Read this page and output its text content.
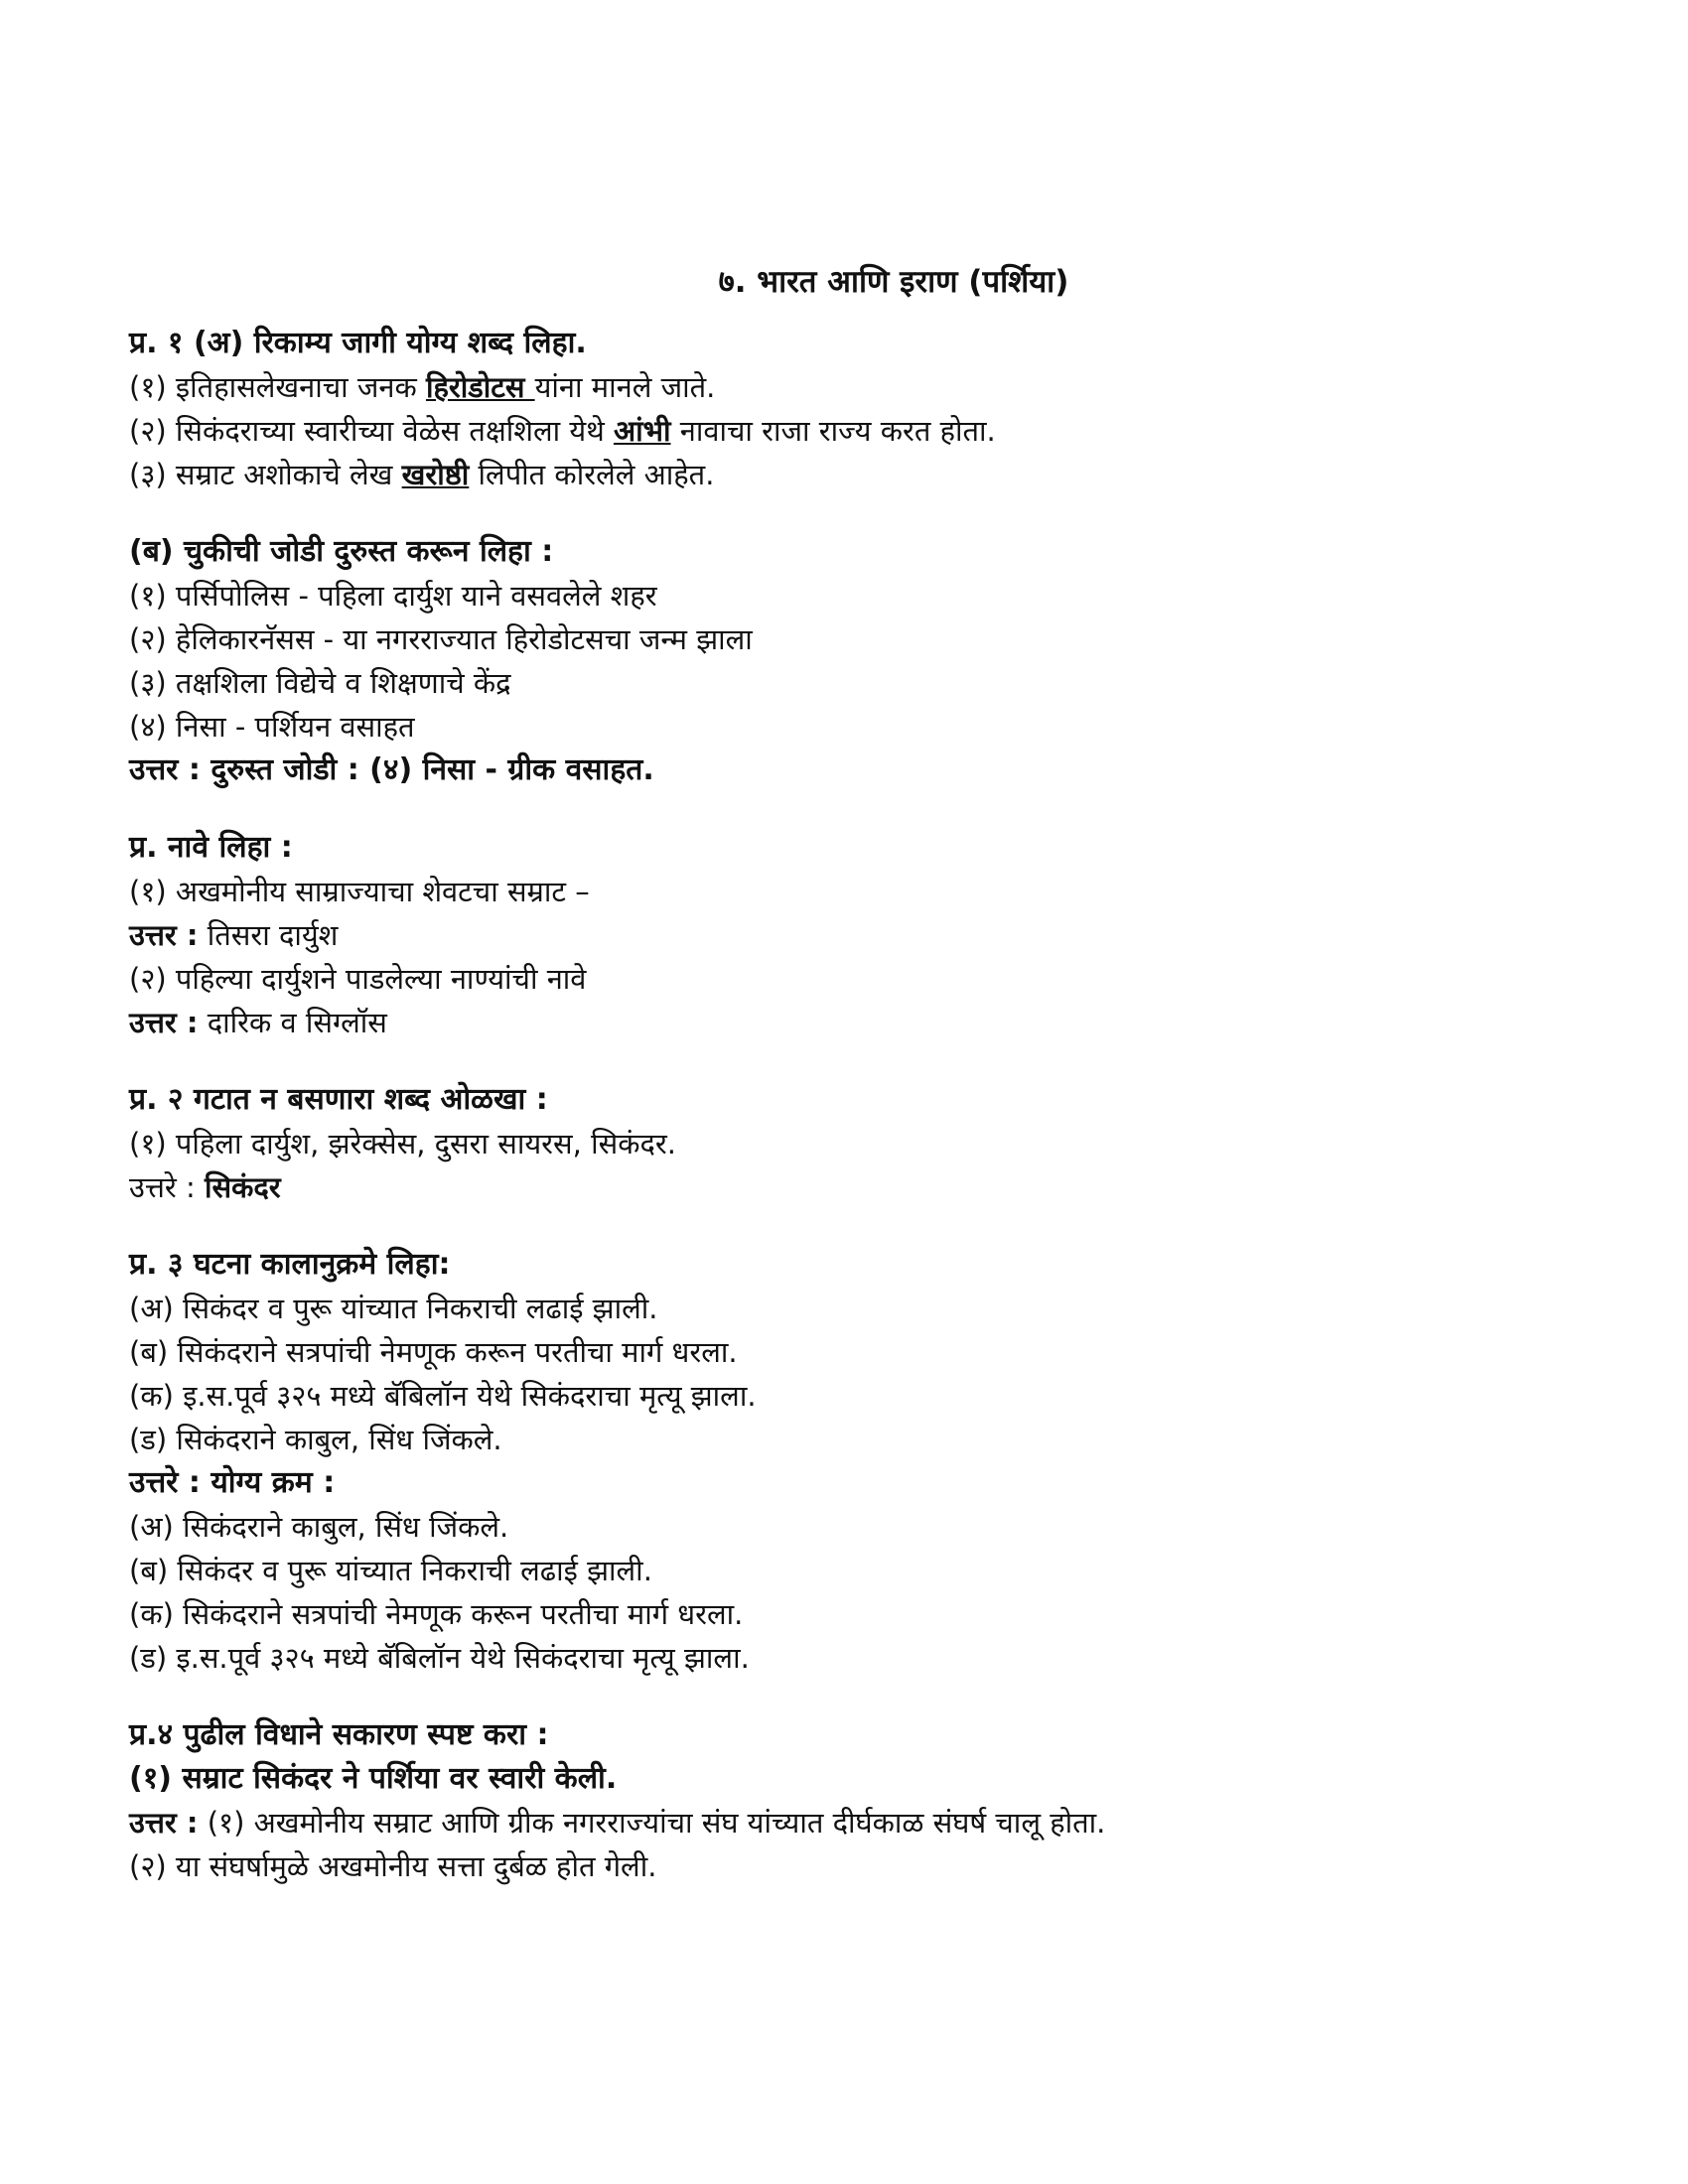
७. भारत आणि इराण (पर्शिया)
प्र. १ (अ) रिकाम्य जागी योग्य शब्द लिहा.
(१) इतिहासलेखनाचा जनक हिरोडोटस यांना मानले जाते.
(२) सिकंदराच्या स्वारीच्या वेळेस तक्षशिला येथे आंभी नावाचा राजा राज्य करत होता.
(३) सम्राट अशोकाचे लेख खरोष्ठी लिपीत कोरलेले आहेत.
(ब) चुकीची जोडी दुरुस्त करून लिहा :
(१) पर्सिपोलिस - पहिला दार्युश याने वसवलेले शहर
(२) हेलिकारनॅसस - या नगरराज्यात हिरोडोटसचा जन्म झाला
(३) तक्षशिला विद्येचे व शिक्षणाचे केंद्र
(४) निसा - पर्शियन वसाहत
उत्तर : दुरुस्त जोडी : (४) निसा - ग्रीक वसाहत.
प्र. नावे लिहा :
(१) अखमोनीय साम्राज्याचा शेवटचा सम्राट –
उत्तर : तिसरा दार्युश
(२) पहिल्या दार्युशने पाडलेल्या नाण्यांची नावे
उत्तर : दारिक व सिग्लॉस
प्र. २ गटात न बसणारा शब्द ओळखा :
(१) पहिला दार्युश, झरेक्सेस, दुसरा सायरस, सिकंदर.
उत्तरे : सिकंदर
प्र. ३ घटना कालानुक्रमे लिहा:
(अ) सिकंदर व पुरू यांच्यात निकराची लढाई झाली.
(ब) सिकंदराने सत्रपांची नेमणूक करून परतीचा मार्ग धरला.
(क) इ.स.पूर्व ३२५ मध्ये बॅबिलॉन येथे सिकंदराचा मृत्यू झाला.
(ड) सिकंदराने काबुल, सिंध जिंकले.
उत्तरे : योग्य क्रम :
(अ) सिकंदराने काबुल, सिंध जिंकले.
(ब) सिकंदर व पुरू यांच्यात निकराची लढाई झाली.
(क) सिकंदराने सत्रपांची नेमणूक करून परतीचा मार्ग धरला.
(ड) इ.स.पूर्व ३२५ मध्ये बॅबिलॉन येथे सिकंदराचा मृत्यू झाला.
प्र.४ पुढील विधाने सकारण स्पष्ट करा :
(१) सम्राट सिकंदर ने पर्शिया वर स्वारी केली.
उत्तर : (१) अखमोनीय सम्राट आणि ग्रीक नगरराज्यांचा संघ यांच्यात दीर्घकाळ संघर्ष चालू होता.
(२) या संघर्षामुळे अखमोनीय सत्ता दुर्बळ होत गेली.
